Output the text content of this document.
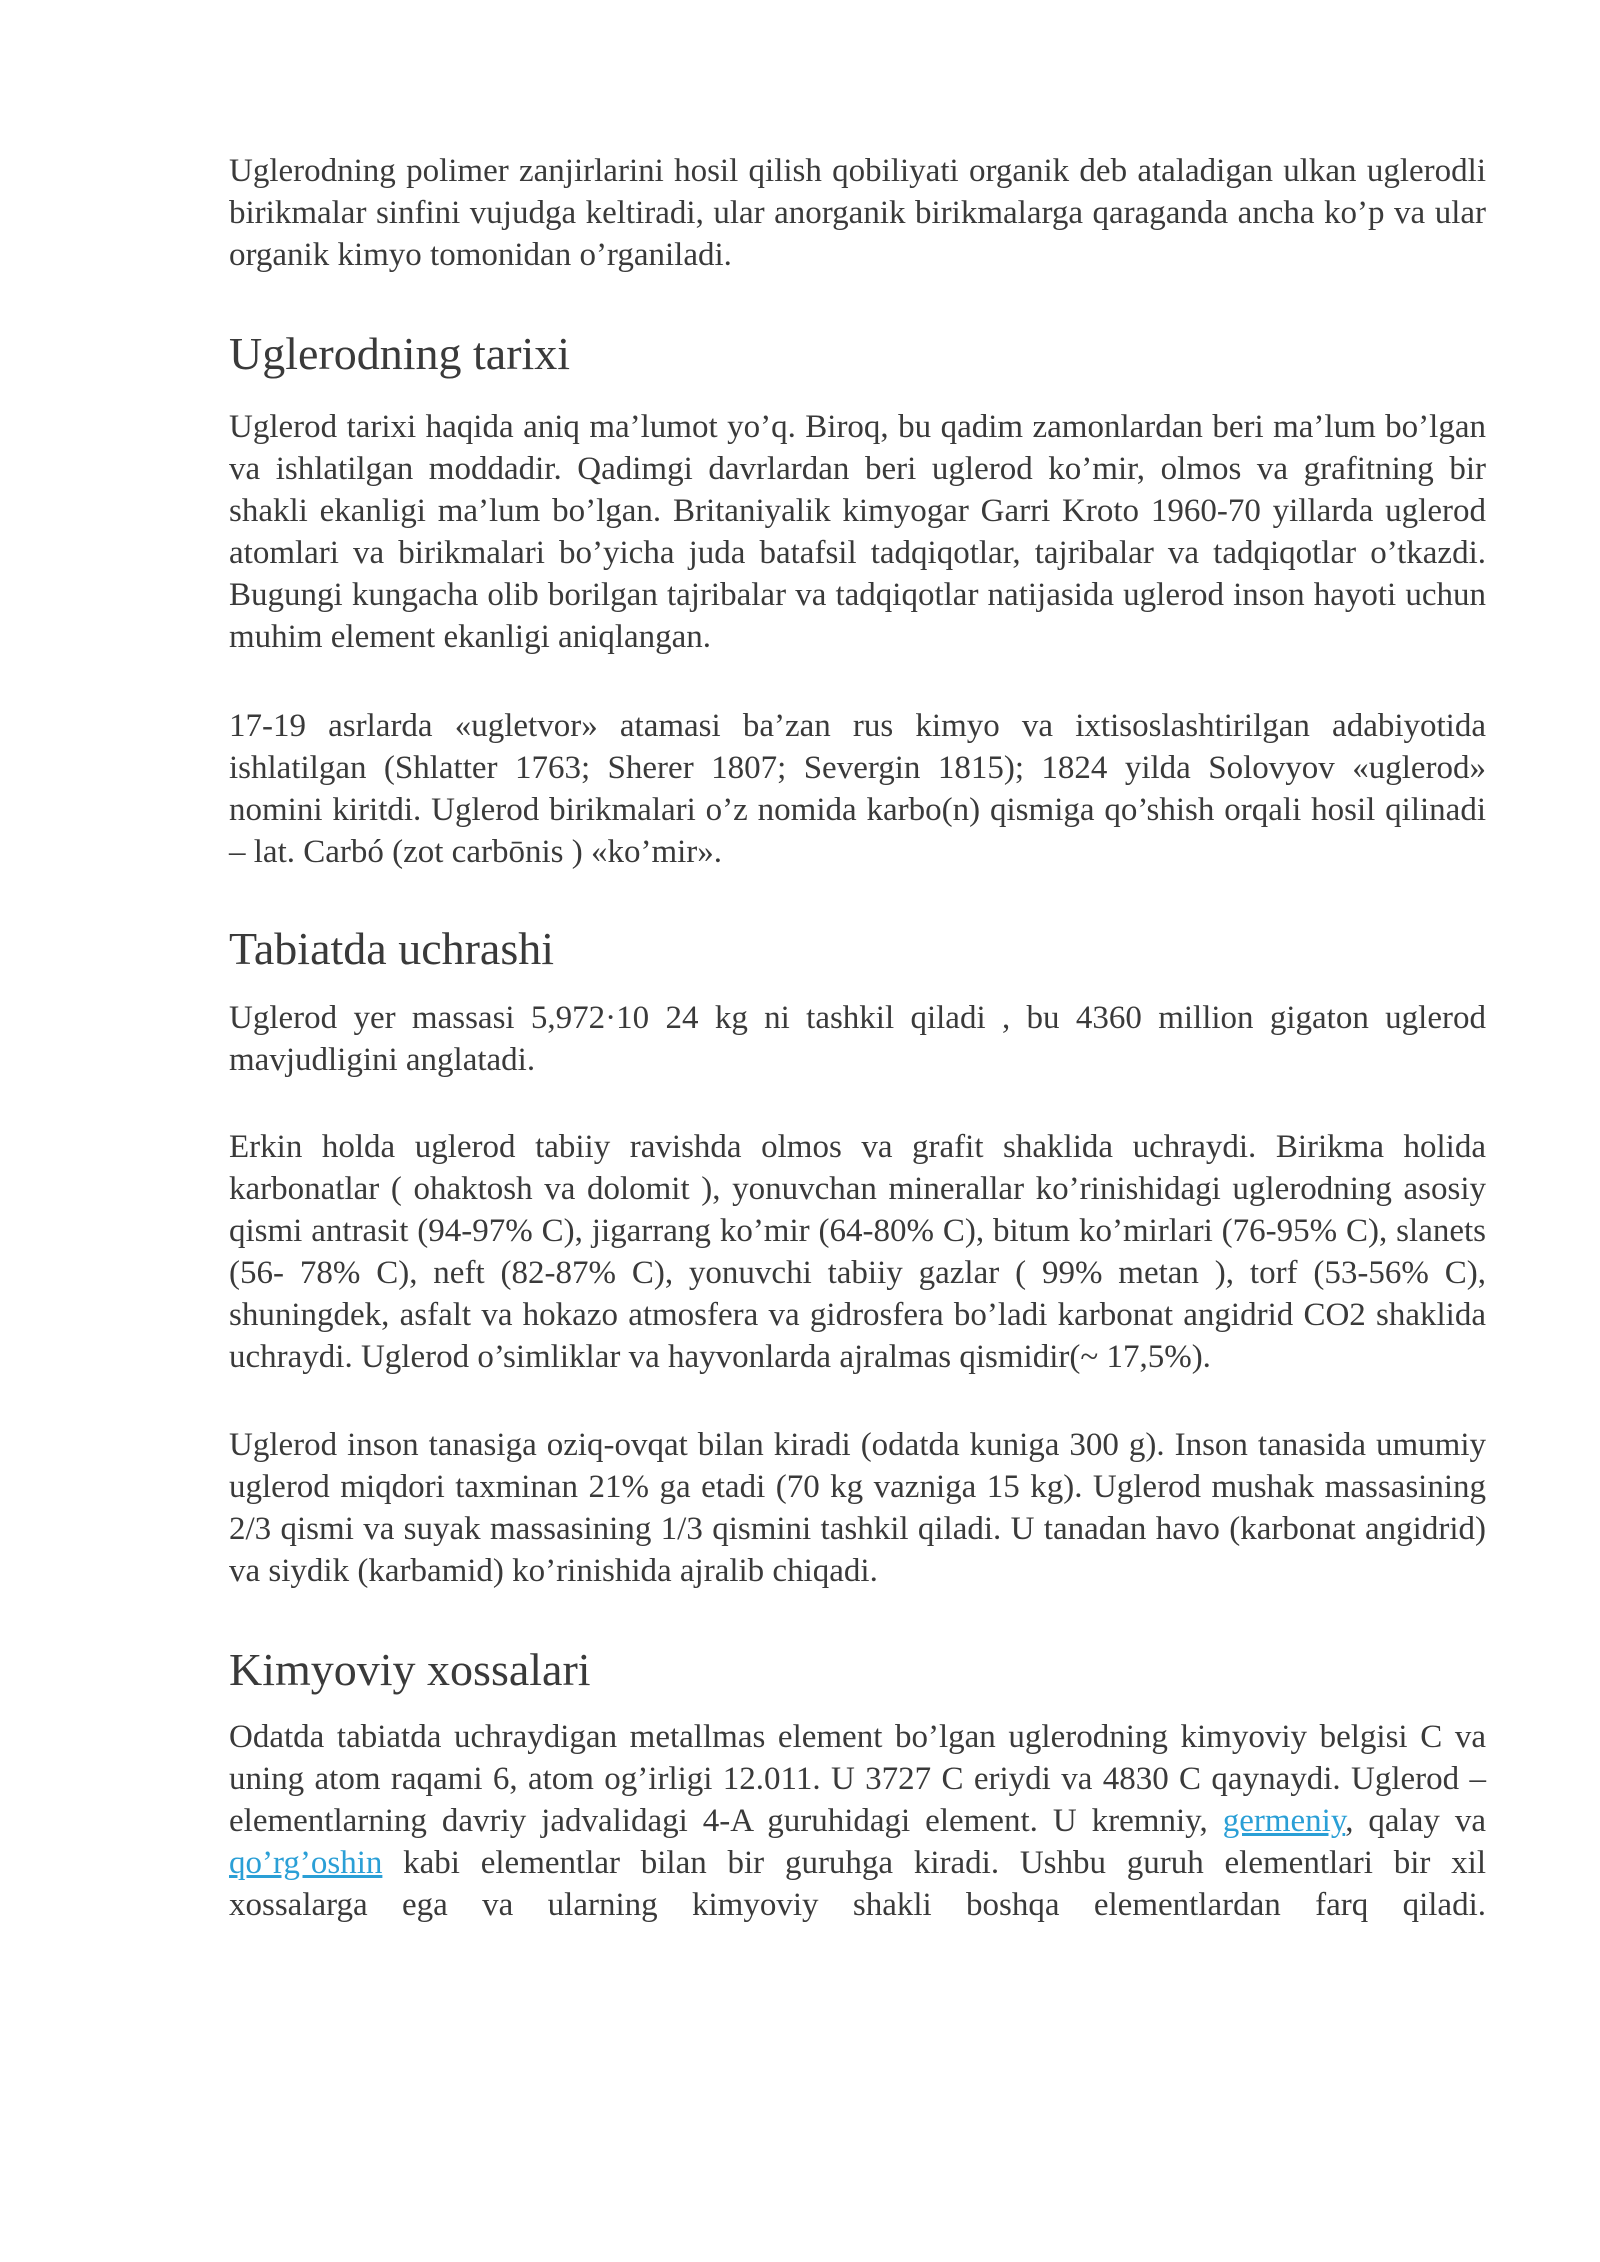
Uglerodning polimer zanjirlarini hosil qilish qobiliyati organik deb ataladigan ulkan uglerodli birikmalar sinfini vujudga keltiradi, ular anorganik birikmalarga qaraganda ancha ko’p va ular organik kimyo tomonidan o’rganiladi.

Uglerodning tarixi

Uglerod tarixi haqida aniq ma’lumot yo’q. Biroq, bu qadim zamonlardan beri ma’lum bo’lgan va ishlatilgan moddadir. Qadimgi davrlardan beri uglerod ko’mir, olmos va grafitning bir shakli ekanligi ma’lum bo’lgan. Britaniyalik kimyogar Garri Kroto 1960-70 yillarda uglerod atomlari va birikmalari bo’yicha juda batafsil tadqiqotlar, tajribalar va tadqiqotlar o’tkazdi. Bugungi kungacha olib borilgan tajribalar va tadqiqotlar natijasida uglerod inson hayoti uchun muhim element ekanligi aniqlangan.

17-19 asrlarda «ugletvor» atamasi ba’zan rus kimyo va ixtisoslashtirilgan adabiyotida ishlatilgan (Shlatter 1763; Sherer 1807; Severgin 1815); 1824 yilda Solovyov «uglerod» nomini kiritdi. Uglerod birikmalari o’z nomida karbo(n) qismiga qo’shish orqali hosil qilinadi – lat. Carbó (zot carbōnis ) «ko’mir».

Tabiatda uchrashi

Uglerod yer massasi 5,972·10 24 kg ni tashkil qiladi , bu 4360 million gigaton uglerod mavjudligini anglatadi.

Erkin holda uglerod tabiiy ravishda olmos va grafit shaklida uchraydi. Birikma holida karbonatlar ( ohaktosh va dolomit ), yonuvchan minerallar ko’rinishidagi uglerodning asosiy qismi antrasit (94-97% C), jigarrang ko’mir (64-80% C), bitum ko’mirlari (76-95% C), slanets (56- 78% C), neft (82-87% C), yonuvchi tabiiy gazlar ( 99% metan ), torf (53-56% C), shuningdek, asfalt va hokazo atmosfera va gidrosfera bo’ladi karbonat angidrid CO2 shaklida uchraydi. Uglerod o’simliklar va hayvonlarda ajralmas qismidir(~ 17,5%).

Uglerod inson tanasiga oziq-ovqat bilan kiradi (odatda kuniga 300 g). Inson tanasida umumiy uglerod miqdori taxminan 21% ga etadi (70 kg vazniga 15 kg). Uglerod mushak massasining 2/3 qismi va suyak massasining 1/3 qismini tashkil qiladi. U tanadan havo (karbonat angidrid) va siydik (karbamid) ko’rinishida ajralib chiqadi.

Kimyoviy xossalari

Odatda tabiatda uchraydigan metallmas element bo’lgan uglerodning kimyoviy belgisi C va uning atom raqami 6, atom og’irligi 12.011. U 3727 C eriydi va 4830 C qaynaydi. Uglerod – elementlarning davriy jadvalidagi 4-A guruhidagi element. U kremniy, germeniy, qalay va qo’rg’oshin kabi elementlar bilan bir guruhga kiradi. Ushbu guruh elementlari bir xil xossalarga ega va ularning kimyoviy shakli boshqa elementlardan farq qiladi.
